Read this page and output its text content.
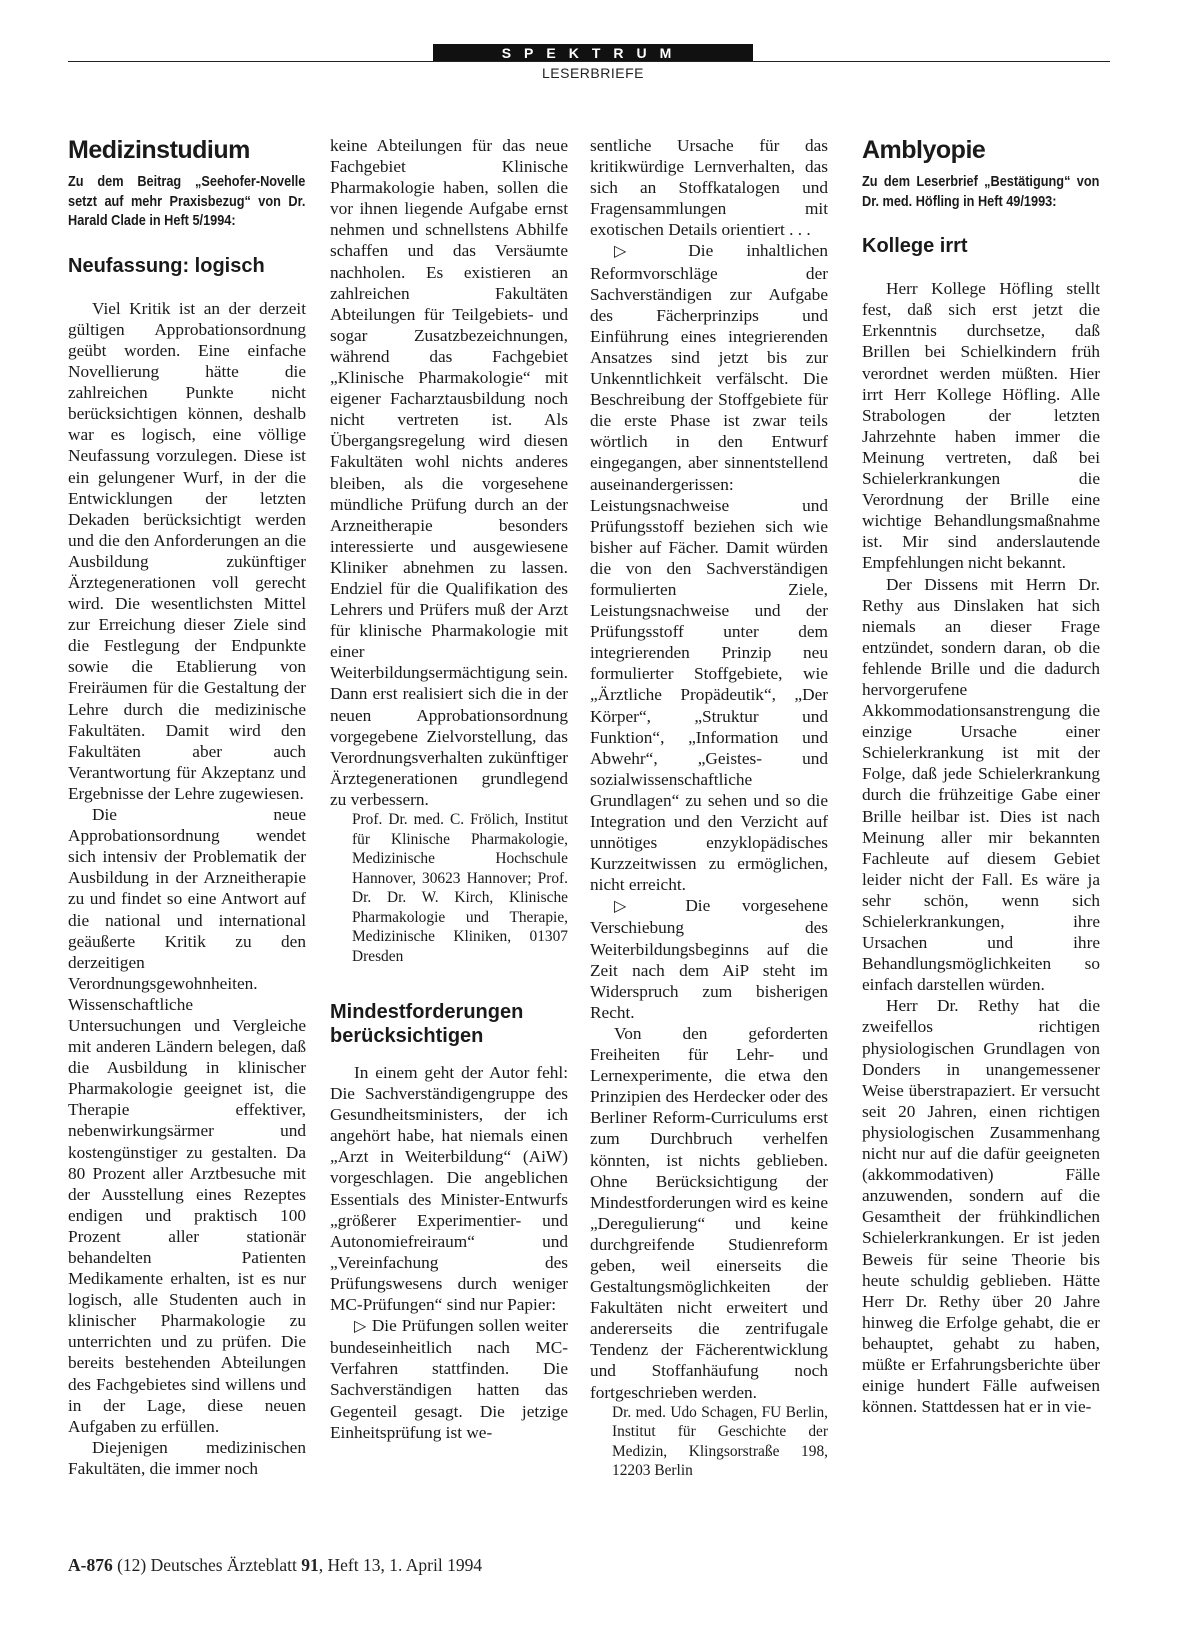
SPEKTRUM
LESERBRIEFE
Medizinstudium

Zu dem Beitrag „Seehofer-Novelle setzt auf mehr Praxisbezug“ von Dr. Harald Clade in Heft 5/1994:

Neufassung: logisch

Viel Kritik ist an der derzeit gültigen Approbationsordnung geübt worden. Eine einfache Novellierung hätte die zahlreichen Punkte nicht berücksichtigen können, deshalb war es logisch, eine völlige Neufassung vorzulegen. Diese ist ein gelungener Wurf, in der die Entwicklungen der letzten Dekaden berücksichtigt werden und die den Anforderungen an die Ausbildung zukünftiger Ärztegenerationen voll gerecht wird. Die wesentlichsten Mittel zur Erreichung dieser Ziele sind die Festlegung der Endpunkte sowie die Etablierung von Freiräumen für die Gestaltung der Lehre durch die medizinische Fakultäten. Damit wird den Fakultäten aber auch Verantwortung für Akzeptanz und Ergebnisse der Lehre zugewiesen.

Die neue Approbationsordnung wendet sich intensiv der Problematik der Ausbildung in der Arzneitherapie zu und findet so eine Antwort auf die national und international geäußerte Kritik zu den derzeitigen Verordnungsgewohnheiten. Wissenschaftliche Untersuchungen und Vergleiche mit anderen Ländern belegen, daß die Ausbildung in klinischer Pharmakologie geeignet ist, die Therapie effektiver, nebenwirkungsärmer und kostengünstiger zu gestalten. Da 80 Prozent aller Arztbesuche mit der Ausstellung eines Rezeptes endigen und praktisch 100 Prozent aller stationär behandelten Patienten Medikamente erhalten, ist es nur logisch, alle Studenten auch in klinischer Pharmakologie zu unterrichten und zu prüfen. Die bereits bestehenden Abteilungen des Fachgebietes sind willens und in der Lage, diese neuen Aufgaben zu erfüllen.

Diejenigen medizinischen Fakultäten, die immer noch

keine Abteilungen für das neue Fachgebiet Klinische Pharmakologie haben, sollen die vor ihnen liegende Aufgabe ernst nehmen und schnellstens Abhilfe schaffen und das Versäumte nachholen. Es existieren an zahlreichen Fakultäten Abteilungen für Teilgebiets- und sogar Zusatzbezeichnungen, während das Fachgebiet „Klinische Pharmakologie“ mit eigener Facharztausbildung noch nicht vertreten ist. Als Übergangsregelung wird diesen Fakultäten wohl nichts anderes bleiben, als die vorgesehene mündliche Prüfung durch an der Arzneitherapie besonders interessierte und ausgewiesene Kliniker abnehmen zu lassen. Endziel für die Qualifikation des Lehrers und Prüfers muß der Arzt für klinische Pharmakologie mit einer Weiterbildungsermächtigung sein. Dann erst realisiert sich die in der neuen Approbationsordnung vorgegebene Zielvorstellung, das Verordnungsverhalten zukünftiger Ärztegenerationen grundlegend zu verbessern.

Prof. Dr. med. C. Frölich, Institut für Klinische Pharmakologie, Medizinische Hochschule Hannover, 30623 Hannover; Prof. Dr. Dr. W. Kirch, Klinische Pharmakologie und Therapie, Medizinische Kliniken, 01307 Dresden

Mindestforderungen berücksichtigen

In einem geht der Autor fehl: Die Sachverständigengruppe des Gesundheitsministers, der ich angehört habe, hat niemals einen „Arzt in Weiterbildung“ (AiW) vorgeschlagen. Die angeblichen Essentials des Minister-Entwurfs „größerer Experimentier- und Autonomiefreiraum“ und „Vereinfachung des Prüfungswesens durch weniger MC-Prüfungen“ sind nur Papier:

▷ Die Prüfungen sollen weiter bundeseinheitlich nach MC-Verfahren stattfinden. Die Sachverständigen hatten das Gegenteil gesagt. Die jetzige Einheitsprüfung ist we-

sentliche Ursache für das kritikwürdige Lernverhalten, das sich an Stoffkatalogen und Fragensammlungen mit exotischen Details orientiert . . .

▷ Die inhaltlichen Reformvorschläge der Sachverständigen zur Aufgabe des Fächerprinzips und Einführung eines integrierenden Ansatzes sind jetzt bis zur Unkenntlichkeit verfälscht. Die Beschreibung der Stoffgebiete für die erste Phase ist zwar teils wörtlich in den Entwurf eingegangen, aber sinnentstellend auseinandergerissen: Leistungsnachweise und Prüfungsstoff beziehen sich wie bisher auf Fächer. Damit würden die von den Sachverständigen formulierten Ziele, Leistungsnachweise und der Prüfungsstoff unter dem integrierenden Prinzip neu formulierter Stoffgebiete, wie „Ärztliche Propädeutik“, „Der Körper“, „Struktur und Funktion“, „Information und Abwehr“, „Geistes- und sozialwissenschaftliche Grundlagen“ zu sehen und so die Integration und den Verzicht auf unnötiges enzyklopädisches Kurzzeitwissen zu ermöglichen, nicht erreicht.

▷ Die vorgesehene Verschiebung des Weiterbildungsbeginns auf die Zeit nach dem AiP steht im Widerspruch zum bisherigen Recht.

Von den geforderten Freiheiten für Lehr- und Lernexperimente, die etwa den Prinzipien des Herdecker oder des Berliner Reform-Curriculums erst zum Durchbruch verhelfen könnten, ist nichts geblieben. Ohne Berücksichtigung der Mindestforderungen wird es keine „Deregulierung“ und keine durchgreifende Studienreform geben, weil einerseits die Gestaltungsmöglichkeiten der Fakultäten nicht erweitert und andererseits die zentrifugale Tendenz der Fächerentwicklung und Stoffanhäufung noch fortgeschrieben werden.

Dr. med. Udo Schagen, FU Berlin, Institut für Geschichte der Medizin, Klingsorstraße 198, 12203 Berlin

Amblyopie

Zu dem Leserbrief „Bestätigung“ von Dr. med. Höfling in Heft 49/1993:

Kollege irrt

Herr Kollege Höfling stellt fest, daß sich erst jetzt die Erkenntnis durchsetze, daß Brillen bei Schielkindern früh verordnet werden müßten. Hier irrt Herr Kollege Höfling. Alle Strabologen der letzten Jahrzehnte haben immer die Meinung vertreten, daß bei Schielerkrankungen die Verordnung der Brille eine wichtige Behandlungsmaßnahme ist. Mir sind anderslautende Empfehlungen nicht bekannt.

Der Dissens mit Herrn Dr. Rethy aus Dinslaken hat sich niemals an dieser Frage entzündet, sondern daran, ob die fehlende Brille und die dadurch hervorgerufene Akkommodationsanstrengung die einzige Ursache einer Schielerkrankung ist mit der Folge, daß jede Schielerkrankung durch die frühzeitige Gabe einer Brille heilbar ist. Dies ist nach Meinung aller mir bekannten Fachleute auf diesem Gebiet leider nicht der Fall. Es wäre ja sehr schön, wenn sich Schielerkrankungen, ihre Ursachen und ihre Behandlungsmöglichkeiten so einfach darstellen würden.

Herr Dr. Rethy hat die zweifellos richtigen physiologischen Grundlagen von Donders in unangemessener Weise überstrapaziert. Er versucht seit 20 Jahren, einen richtigen physiologischen Zusammenhang nicht nur auf die dafür geeigneten (akkommodativen) Fälle anzuwenden, sondern auf die Gesamtheit der frühkindlichen Schielerkrankungen. Er ist jeden Beweis für seine Theorie bis heute schuldig geblieben. Hätte Herr Dr. Rethy über 20 Jahre hinweg die Erfolge gehabt, die er behauptet, gehabt zu haben, müßte er Erfahrungsberichte über einige hundert Fälle aufweisen können. Stattdessen hat er in vie-

A-876 (12) Deutsches Ärzteblatt 91, Heft 13, 1. April 1994
